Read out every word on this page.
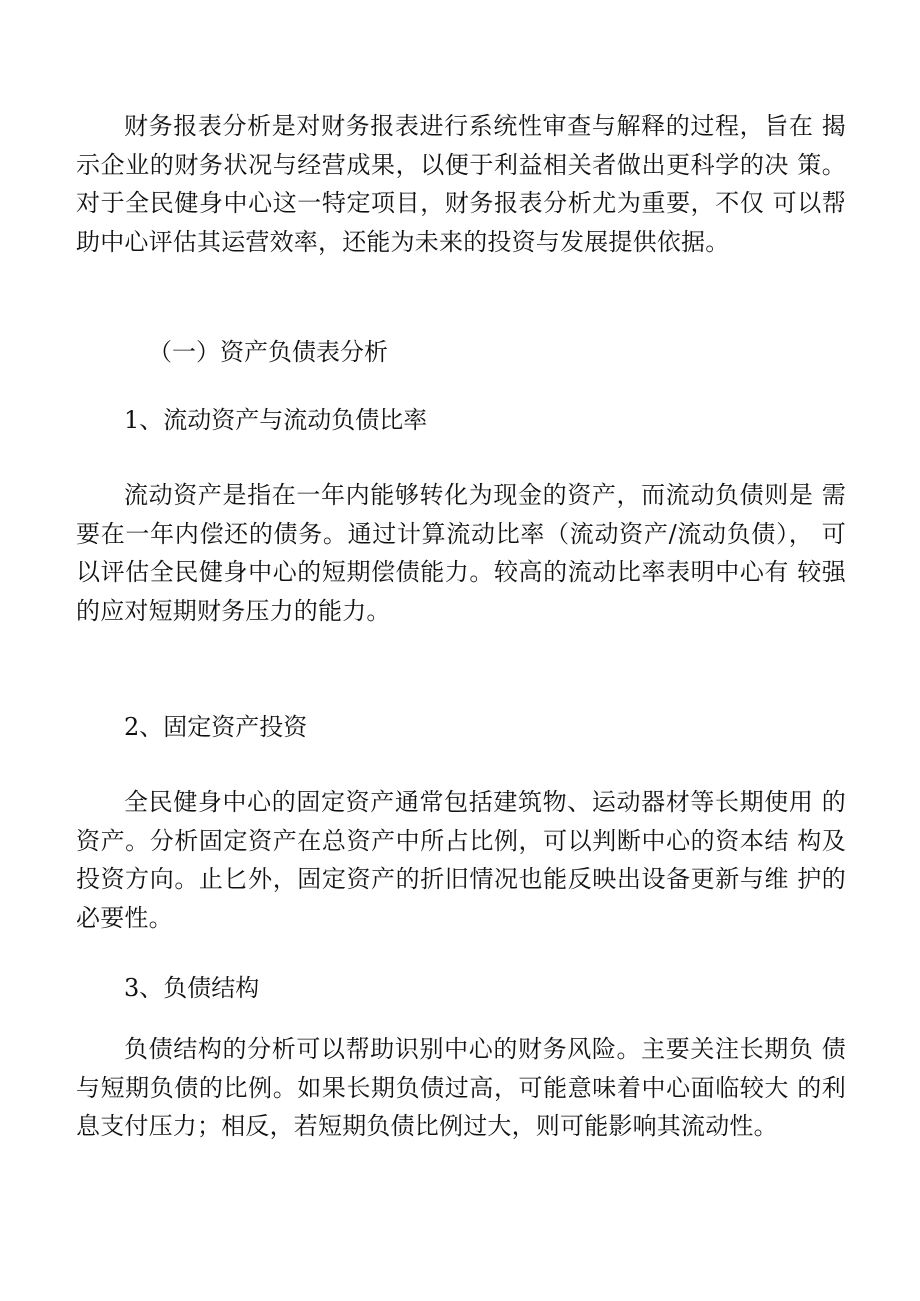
财务报表分析是对财务报表进行系统性审查与解释的过程，旨在 揭示企业的财务状况与经营成果，以便于利益相关者做出更科学的决 策。对于全民健身中心这一特定项目，财务报表分析尤为重要，不仅 可以帮助中心评估其运营效率，还能为未来的投资与发展提供依据。

（一）资产负债表分析
1、流动资产与流动负债比率

流动资产是指在一年内能够转化为现金的资产，而流动负债则是 需要在一年内偿还的债务。通过计算流动比率（流动资产/流动负债）， 可以评估全民健身中心的短期偿债能力。较高的流动比率表明中心有 较强的应对短期财务压力的能力。

2、固定资产投资

全民健身中心的固定资产通常包括建筑物、运动器材等长期使用 的资产。分析固定资产在总资产中所占比例，可以判断中心的资本结 构及投资方向。止匕外，固定资产的折旧情况也能反映出设备更新与维 护的必要性。

3、负债结构

负债结构的分析可以帮助识别中心的财务风险。主要关注长期负 债与短期负债的比例。如果长期负债过高，可能意味着中心面临较大 的利息支付压力；相反，若短期负债比例过大，则可能影响其流动性。
